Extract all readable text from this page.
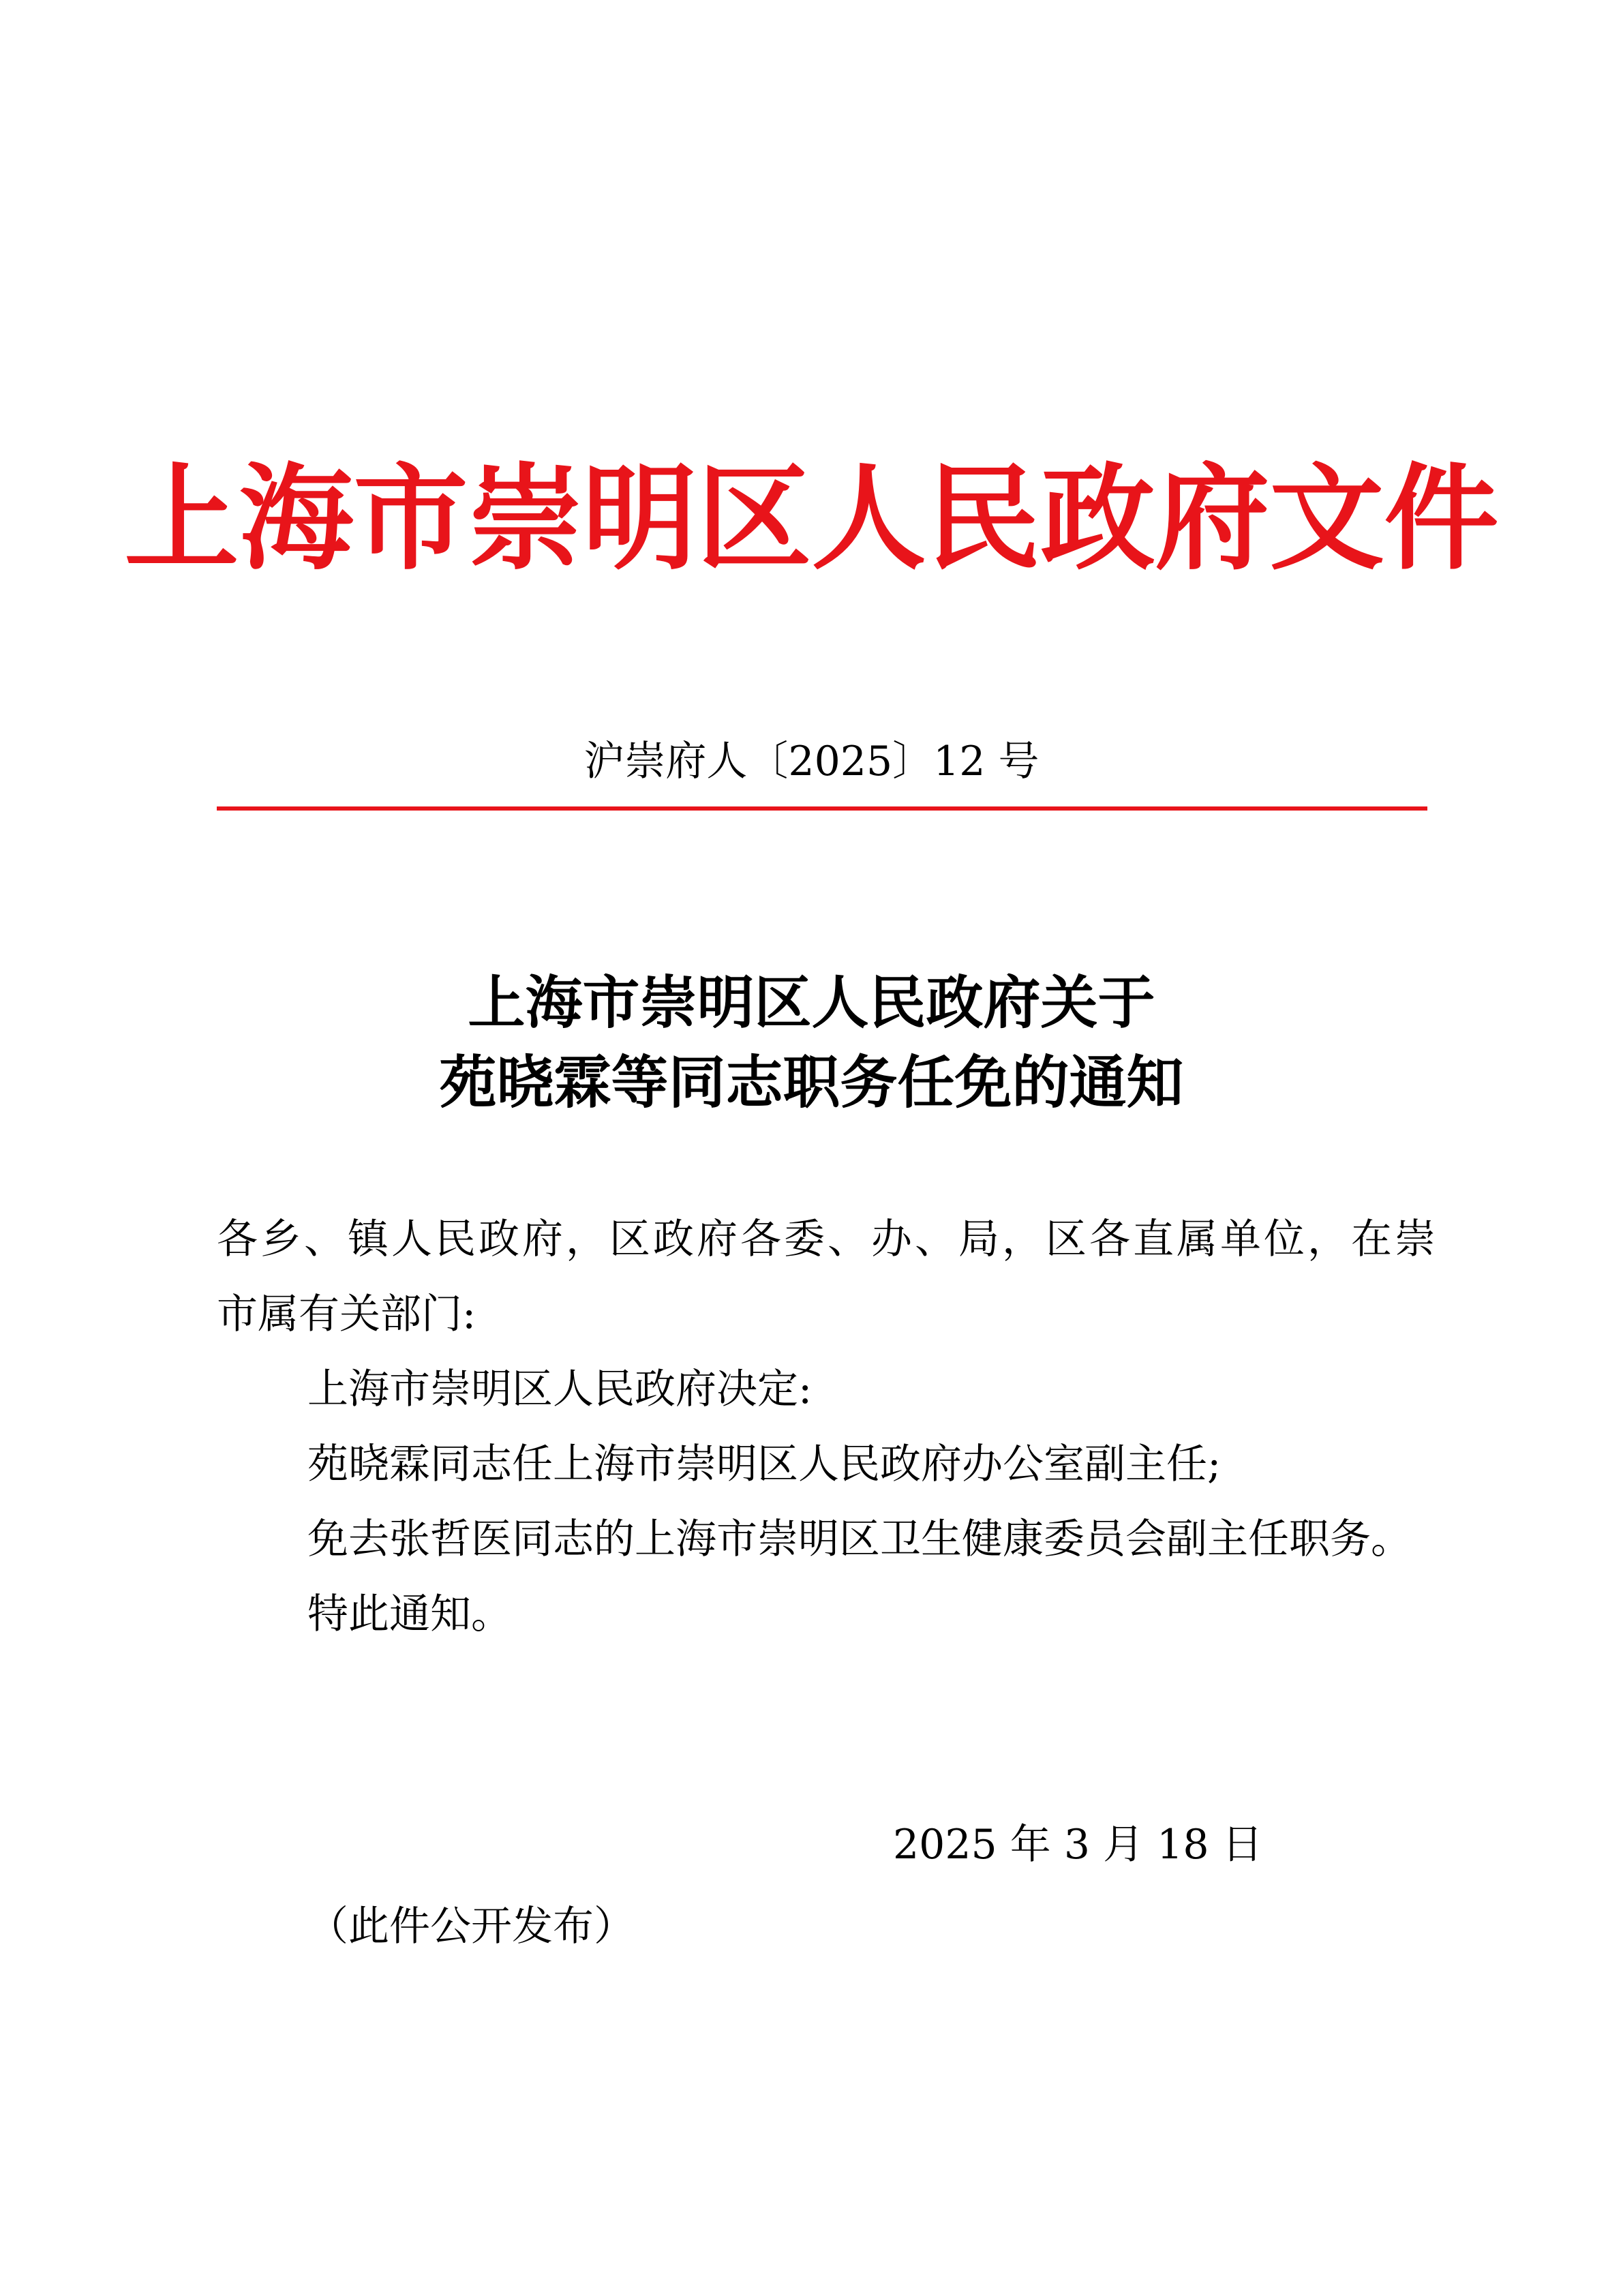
上海市崇明区人民政府文件
沪崇府人〔2025〕12 号
上海市崇明区人民政府关于
苑晓霖等同志职务任免的通知
各乡、镇人民政府，区政府各委、办、局，区各直属单位，在崇
市属有关部门:
上海市崇明区人民政府决定:
苑晓霖同志任上海市崇明区人民政府办公室副主任;
免去张哲医同志的上海市崇明区卫生健康委员会副主任职务。
特此通知。
2025 年 3 月 18 日
（此件公开发布）
